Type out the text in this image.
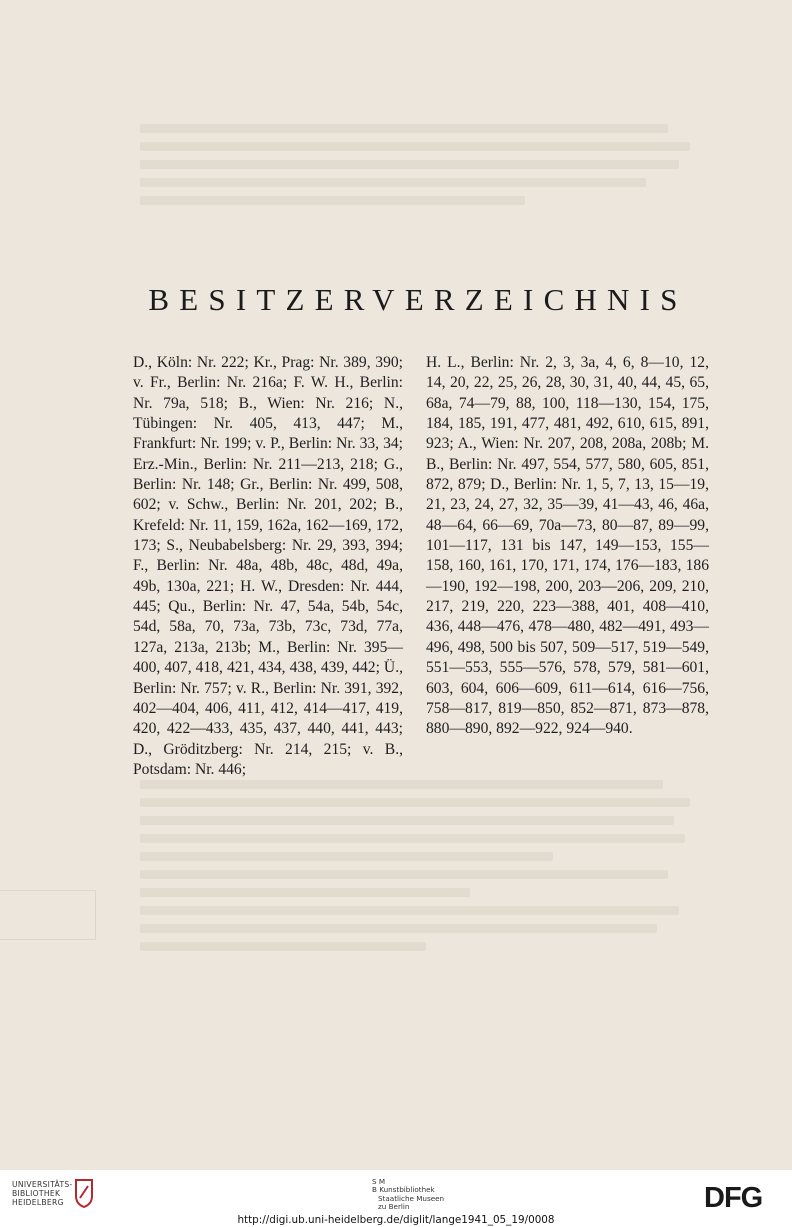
BESITZERVERZEICHNIS
D., Köln: Nr. 222; Kr., Prag: Nr. 389, 390; v. Fr., Berlin: Nr. 216a; F. W. H., Berlin: Nr. 79a, 518; B., Wien: Nr. 216; N., Tübingen: Nr. 405, 413, 447; M., Frankfurt: Nr. 199; v. P., Berlin: Nr. 33, 34; Erz.-Min., Berlin: Nr. 211—213, 218; G., Berlin: Nr. 148; Gr., Berlin: Nr. 499, 508, 602; v. Schw., Berlin: Nr. 201, 202; B., Krefeld: Nr. 11, 159, 162a, 162—169, 172, 173; S., Neubabelsberg: Nr. 29, 393, 394; F., Berlin: Nr. 48a, 48b, 48c, 48d, 49a, 49b, 130a, 221; H. W., Dresden: Nr. 444, 445; Qu., Berlin: Nr. 47, 54a, 54b, 54c, 54d, 58a, 70, 73a, 73b, 73c, 73d, 77a, 127a, 213a, 213b; M., Berlin: Nr. 395—400, 407, 418, 421, 434, 438, 439, 442; Ü., Berlin: Nr. 757; v. R., Berlin: Nr. 391, 392, 402—404, 406, 411, 412, 414—417, 419, 420, 422—433, 435, 437, 440, 441, 443; D., Gröditzberg: Nr. 214, 215; v. B., Potsdam: Nr. 446;
H. L., Berlin: Nr. 2, 3, 3a, 4, 6, 8—10, 12, 14, 20, 22, 25, 26, 28, 30, 31, 40, 44, 45, 65, 68a, 74—79, 88, 100, 118—130, 154, 175, 184, 185, 191, 477, 481, 492, 610, 615, 891, 923; A., Wien: Nr. 207, 208, 208a, 208b; M. B., Berlin: Nr. 497, 554, 577, 580, 605, 851, 872, 879; D., Berlin: Nr. 1, 5, 7, 13, 15—19, 21, 23, 24, 27, 32, 35—39, 41—43, 46, 46a, 48—64, 66—69, 70a—73, 80—87, 89—99, 101—117, 131 bis 147, 149—153, 155—158, 160, 161, 170, 171, 174, 176—183, 186—190, 192—198, 200, 203—206, 209, 210, 217, 219, 220, 223—388, 401, 408—410, 436, 448—476, 478—480, 482—491, 493—496, 498, 500 bis 507, 509—517, 519—549, 551—553, 555—576, 578, 579, 581—601, 603, 604, 606—609, 611—614, 616—756, 758—817, 819—850, 852—871, 873—878, 880—890, 892—922, 924—940.
UNIVERSITÄTS-
BIBLIOTHEK
HEIDELBERG
S M
B Kunstbibliothek
Staatliche Museen
zu Berlin	DFG
http://digi.ub.uni-heidelberg.de/diglit/lange1941_05_19/0008
